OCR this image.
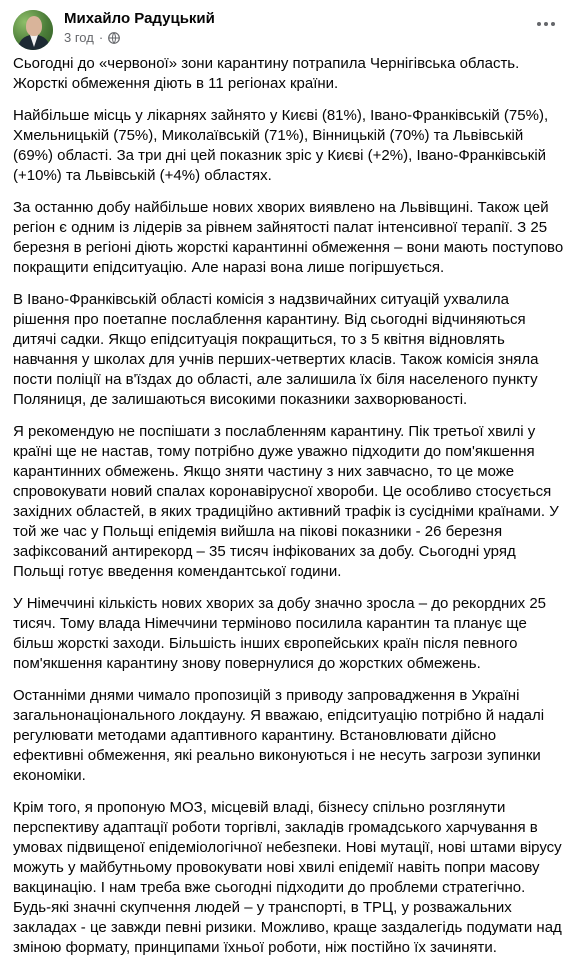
Михайло Радуцький
3 год ·

Сьогодні до «червоної» зони карантину потрапила Чернігівська область. Жорсткі обмеження діють в 11 регіонах країни.

Найбільше місць у лікарнях зайнято у Києві (81%), Івано-Франківській (75%), Хмельницькій (75%), Миколаївській (71%), Вінницькій (70%) та Львівській (69%) області. За три дні цей показник зріс у Києві (+2%), Івано-Франківській (+10%) та Львівській (+4%) областях.

За останню добу найбільше нових хворих виявлено на Львівщині. Також цей регіон є одним із лідерів за рівнем зайнятості палат інтенсивної терапії. З 25 березня в регіоні діють жорсткі карантинні обмеження – вони мають поступово покращити епідситуацію. Але наразі вона лише погіршується.

В Івано-Франківській області комісія з надзвичайних ситуацій ухвалила рішення про поетапне послаблення карантину. Від сьогодні відчиняються дитячі садки. Якщо епідситуація покращиться, то з 5 квітня відновлять навчання у школах для учнів перших-четвертих класів. Також комісія зняла пости поліції на в'їздах до області, але залишила їх біля населеного пункту Поляниця, де залишаються високими показники захворюваності.

Я рекомендую не поспішати з послабленням карантину. Пік третьої хвилі у країні ще не настав, тому потрібно дуже уважно підходити до пом'якшення карантинних обмежень. Якщо зняти частину з них завчасно, то це може спровокувати новий спалах коронавірусної хвороби. Це особливо стосується західних областей, в яких традиційно активний трафік із сусідніми країнами. У той же час у Польщі епідемія вийшла на пікові показники - 26 березня зафіксований антирекорд – 35 тисяч інфікованих за добу. Сьогодні уряд Польщі готує введення комендантської години.

У Німеччині кількість нових хворих за добу значно зросла – до рекордних 25 тисяч. Тому влада Німеччини терміново посилила карантин та планує ще більш жорсткі заходи. Більшість інших європейських країн після певного пом'якшення карантину знову повернулися до жорстких обмежень.

Останніми днями чимало пропозицій з приводу запровадження в Україні загальнонаціонального локдауну. Я вважаю, епідситуацію потрібно й надалі регулювати методами адаптивного карантину. Встановлювати дійсно ефективні обмеження, які реально виконуються і не несуть загрози зупинки економіки.

Крім того, я пропоную МОЗ, місцевій владі, бізнесу спільно розглянути перспективу адаптації роботи торгівлі, закладів громадського харчування в умовах підвищеної епідеміологічної небезпеки. Нові мутації, нові штами вірусу можуть у майбутньому провокувати нові хвилі епідемії навіть попри масову вакцинацію. І нам треба вже сьогодні підходити до проблеми стратегічно. Будь-які значні скупчення людей – у транспорті, в ТРЦ, у розважальних закладах - це завжди певні ризики. Можливо, краще заздалегідь подумати над зміною формату, принципами їхньої роботи, ніж постійно їх зачиняти.
